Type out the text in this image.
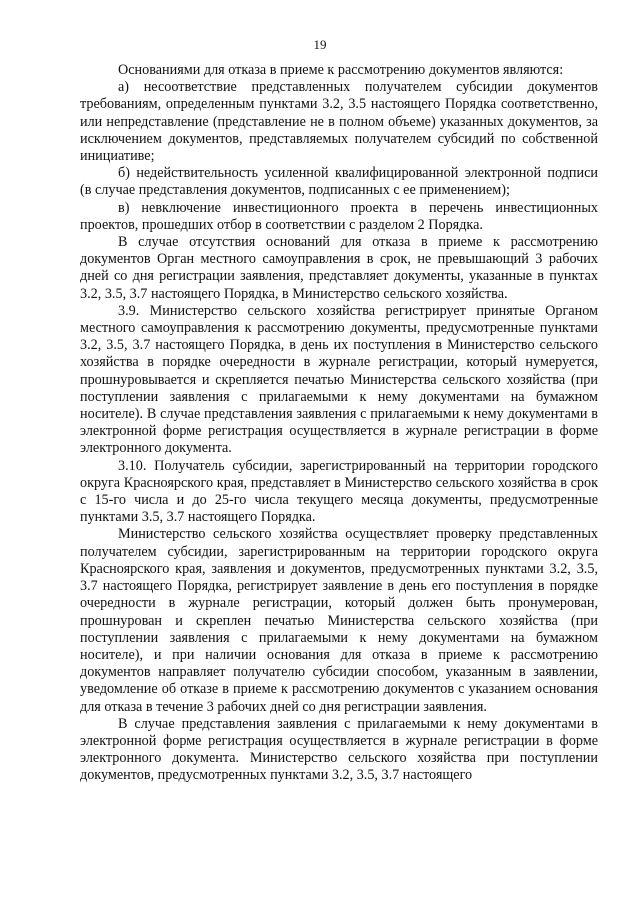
19

Основаниями для отказа в приеме к рассмотрению документов являются:

а) несоответствие представленных получателем субсидии документов требованиям, определенным пунктами 3.2, 3.5 настоящего Порядка соответственно, или непредставление (представление не в полном объеме) указанных документов, за исключением документов, представляемых получателем субсидий по собственной инициативе;

б) недействительность усиленной квалифицированной электронной подписи (в случае представления документов, подписанных с ее применением);

в) невключение инвестиционного проекта в перечень инвестиционных проектов, прошедших отбор в соответствии с разделом 2 Порядка.

В случае отсутствия оснований для отказа в приеме к рассмотрению документов Орган местного самоуправления в срок, не превышающий 3 рабочих дней со дня регистрации заявления, представляет документы, указанные в пунктах 3.2, 3.5, 3.7 настоящего Порядка, в Министерство сельского хозяйства.

3.9. Министерство сельского хозяйства регистрирует принятые Органом местного самоуправления к рассмотрению документы, предусмотренные пунктами 3.2, 3.5, 3.7 настоящего Порядка, в день их поступления в Министерство сельского хозяйства в порядке очередности в журнале регистрации, который нумеруется, прошнуровывается и скрепляется печатью Министерства сельского хозяйства (при поступлении заявления с прилагаемыми к нему документами на бумажном носителе). В случае представления заявления с прилагаемыми к нему документами в электронной форме регистрация осуществляется в журнале регистрации в форме электронного документа.

3.10. Получатель субсидии, зарегистрированный на территории городского округа Красноярского края, представляет в Министерство сельского хозяйства в срок с 15-го числа и до 25-го числа текущего месяца документы, предусмотренные пунктами 3.5, 3.7 настоящего Порядка.

Министерство сельского хозяйства осуществляет проверку представленных получателем субсидии, зарегистрированным на территории городского округа Красноярского края, заявления и документов, предусмотренных пунктами 3.2, 3.5, 3.7 настоящего Порядка, регистрирует заявление в день его поступления в порядке очередности в журнале регистрации, который должен быть пронумерован, прошнурован и скреплен печатью Министерства сельского хозяйства (при поступлении заявления с прилагаемыми к нему документами на бумажном носителе), и при наличии основания для отказа в приеме к рассмотрению документов направляет получателю субсидии способом, указанным в заявлении, уведомление об отказе в приеме к рассмотрению документов с указанием основания для отказа в течение 3 рабочих дней со дня регистрации заявления.

В случае представления заявления с прилагаемыми к нему документами в электронной форме регистрация осуществляется в журнале регистрации в форме электронного документа. Министерство сельского хозяйства при поступлении документов, предусмотренных пунктами 3.2, 3.5, 3.7 настоящего
